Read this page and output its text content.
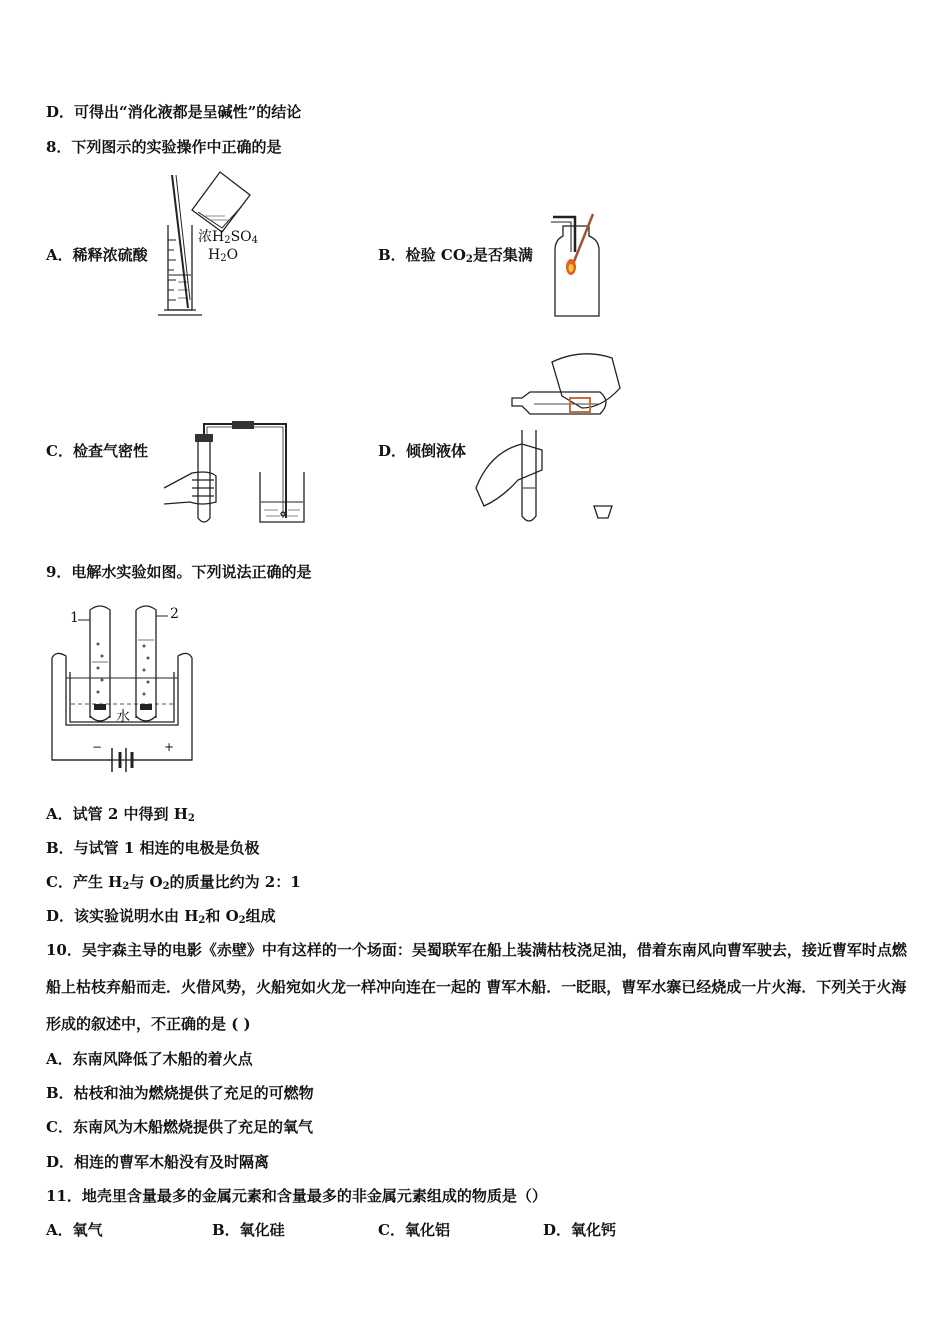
D．可得出“消化液都是呈碱性”的结论
8．下列图示的实验操作中正确的是
A．稀释浓硫酸
浓$H_2SO_4$
$H_2O$	B．检验 $CO_2$是否集满
C．检查气密性	D．倾倒液体
9．电解水实验如图。下列说法正确的是
1	2
水
−	+
A．试管 2 中得到 $H_2$
B．与试管 1 相连的电极是负极
C．产生 $H_2$与 $O_2$的质量比约为 2：1
D．该实验说明水由 $H_2$和 $O_2$组成
10．吴宇森主导的电影《赤壁》中有这样的一个场面：吴蜀联军在船上装满枯枝浇足油，借着东南风向曹军驶去，接近曹军时点燃船上枯枝弃船而走．火借风势，火船宛如火龙一样冲向连在一起的 曹军木船．一眨眼，曹军水寨已经烧成一片火海．下列关于火海形成的叙述中，不正确的是 ( )
A．东南风降低了木船的着火点
B．枯枝和油为燃烧提供了充足的可燃物
C．东南风为木船燃烧提供了充足的氧气
D．相连的曹军木船没有及时隔离
11．地壳里含量最多的金属元素和含量最多的非金属元素组成的物质是（）
A．氧气	B．氧化硅	C．氧化铝	D．氧化钙
